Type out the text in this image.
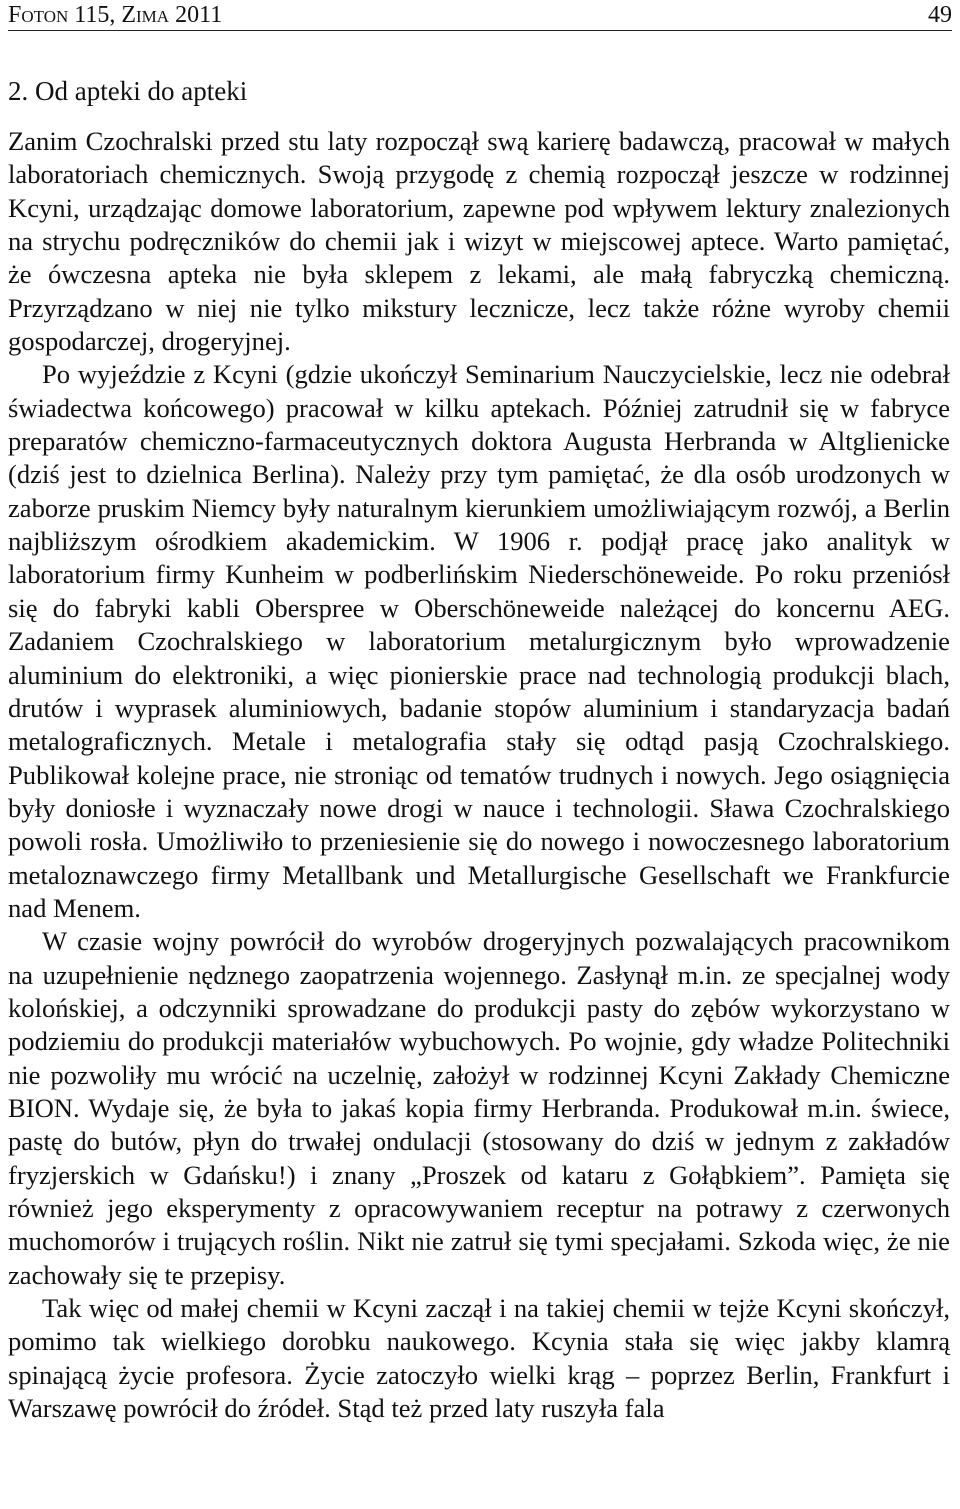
Foton 115, Zima 2011	49
2. Od apteki do apteki

Zanim Czochralski przed stu laty rozpoczął swą karierę badawczą, pracował w małych laboratoriach chemicznych. Swoją przygodę z chemią rozpoczął jeszcze w rodzinnej Kcyni, urządzając domowe laboratorium, zapewne pod wpływem lektury znalezionych na strychu podręczników do chemii jak i wizyt w miejscowej aptece. Warto pamiętać, że ówczesna apteka nie była sklepem z lekami, ale małą fabryczką chemiczną. Przyrządzano w niej nie tylko mikstury lecznicze, lecz także różne wyroby chemii gospodarczej, drogeryjnej.

Po wyjeździe z Kcyni (gdzie ukończył Seminarium Nauczycielskie, lecz nie odebrał świadectwa końcowego) pracował w kilku aptekach. Później zatrudnił się w fabryce preparatów chemiczno-farmaceutycznych doktora Augusta Herbranda w Altglienicke (dziś jest to dzielnica Berlina). Należy przy tym pamiętać, że dla osób urodzonych w zaborze pruskim Niemcy były naturalnym kierunkiem umożliwiającym rozwój, a Berlin najbliższym ośrodkiem akademickim. W 1906 r. podjął pracę jako analityk w laboratorium firmy Kunheim w podberlińskim Niederschöneweide. Po roku przeniósł się do fabryki kabli Oberspree w Oberschöneweide należącej do koncernu AEG. Zadaniem Czochralskiego w laboratorium metalurgicznym było wprowadzenie aluminium do elektroniki, a więc pionierskie prace nad technologią produkcji blach, drutów i wyprasek aluminiowych, badanie stopów aluminium i standaryzacja badań metalograficznych. Metale i metalografia stały się odtąd pasją Czochralskiego. Publikował kolejne prace, nie stroniąc od tematów trudnych i nowych. Jego osiągnięcia były doniosłe i wyznaczały nowe drogi w nauce i technologii. Sława Czochralskiego powoli rosła. Umożliwiło to przeniesienie się do nowego i nowoczesnego laboratorium metaloznawczego firmy Metallbank und Metallurgische Gesellschaft we Frankfurcie nad Menem.

W czasie wojny powrócił do wyrobów drogeryjnych pozwalających pracownikom na uzupełnienie nędznego zaopatrzenia wojennego. Zasłynął m.in. ze specjalnej wody kolońskiej, a odczynniki sprowadzane do produkcji pasty do zębów wykorzystano w podziemiu do produkcji materiałów wybuchowych. Po wojnie, gdy władze Politechniki nie pozwoliły mu wrócić na uczelnię, założył w rodzinnej Kcyni Zakłady Chemiczne BION. Wydaje się, że była to jakaś kopia firmy Herbranda. Produkował m.in. świece, pastę do butów, płyn do trwałej ondulacji (stosowany do dziś w jednym z zakładów fryzjerskich w Gdańsku!) i znany „Proszek od kataru z Gołąbkiem”. Pamięta się również jego eksperymenty z opracowywaniem receptur na potrawy z czerwonych muchomorów i trujących roślin. Nikt nie zatruł się tymi specjałami. Szkoda więc, że nie zachowały się te przepisy.

Tak więc od małej chemii w Kcyni zaczął i na takiej chemii w tejże Kcyni skończył, pomimo tak wielkiego dorobku naukowego. Kcynia stała się więc jakby klamrą spinającą życie profesora. Życie zatoczyło wielki krąg – poprzez Berlin, Frankfurt i Warszawę powrócił do źródeł. Stąd też przed laty ruszyła fala
